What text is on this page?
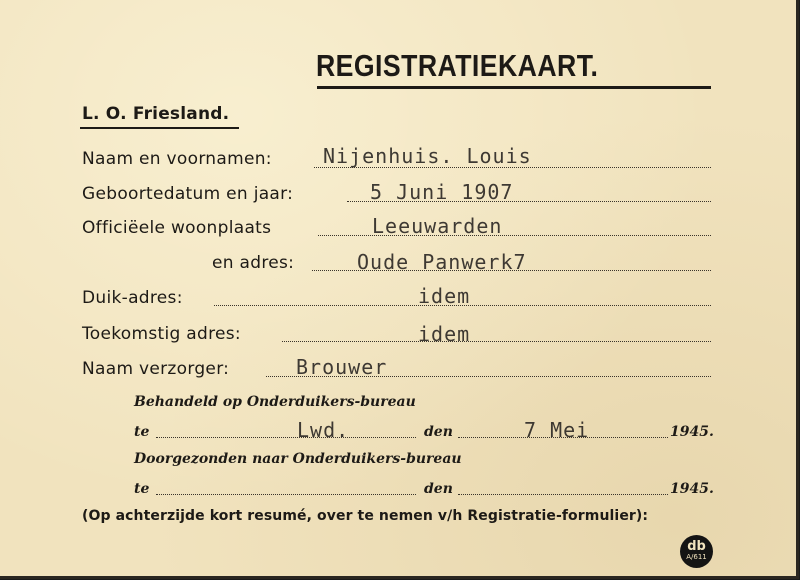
REGISTRATIEKAART.
L. O. Friesland.
Naam en voornamen:	Nijenhuis. Louis
Geboortedatum en jaar:	5 Juni 1907
Officiëele woonplaats	Leeuwarden
en adres:	Oude Panwerk7
Duik-adres:	idem
Toekomstig adres:	idem
Naam verzorger:	Brouwer
Behandeld op Onderduikers-bureau
te	Lwd.	den	7 Mei	1945.
Doorgezonden naar Onderduikers-bureau
te	den	1945.
(Op achterzijde kort resumé, over te nemen v/h Registratie-formulier):
db
A/611
